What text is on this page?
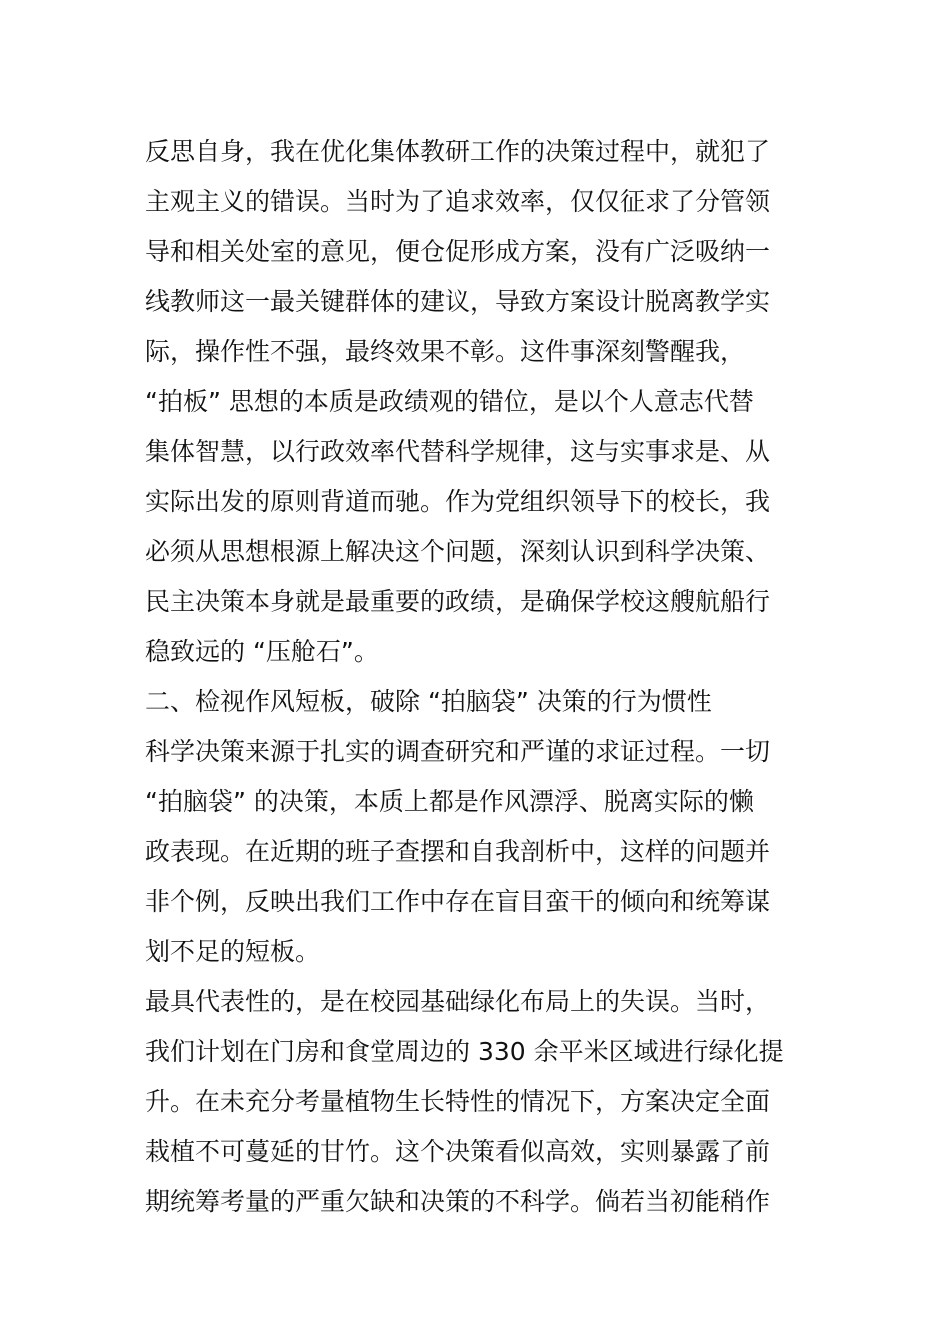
反思自身，我在优化集体教研工作的决策过程中，就犯了
主观主义的错误。当时为了追求效率，仅仅征求了分管领
导和相关处室的意见，便仓促形成方案，没有广泛吸纳一
线教师这一最关键群体的建议，导致方案设计脱离教学实
际，操作性不强，最终效果不彰。这件事深刻警醒我，
“拍板” 思想的本质是政绩观的错位，是以个人意志代替
集体智慧，以行政效率代替科学规律，这与实事求是、从
实际出发的原则背道而驰。作为党组织领导下的校长，我
必须从思想根源上解决这个问题，深刻认识到科学决策、
民主决策本身就是最重要的政绩，是确保学校这艘航船行
稳致远的 “压舱石”。
二、检视作风短板，破除 “拍脑袋” 决策的行为惯性
科学决策来源于扎实的调查研究和严谨的求证过程。一切
“拍脑袋” 的决策，本质上都是作风漂浮、脱离实际的懒
政表现。在近期的班子查摆和自我剖析中，这样的问题并
非个例，反映出我们工作中存在盲目蛮干的倾向和统筹谋
划不足的短板。
最具代表性的，是在校园基础绿化布局上的失误。当时，
我们计划在门房和食堂周边的 330 余平米区域进行绿化提
升。在未充分考量植物生长特性的情况下，方案决定全面
栽植不可蔓延的甘竹。这个决策看似高效，实则暴露了前
期统筹考量的严重欠缺和决策的不科学。倘若当初能稍作
